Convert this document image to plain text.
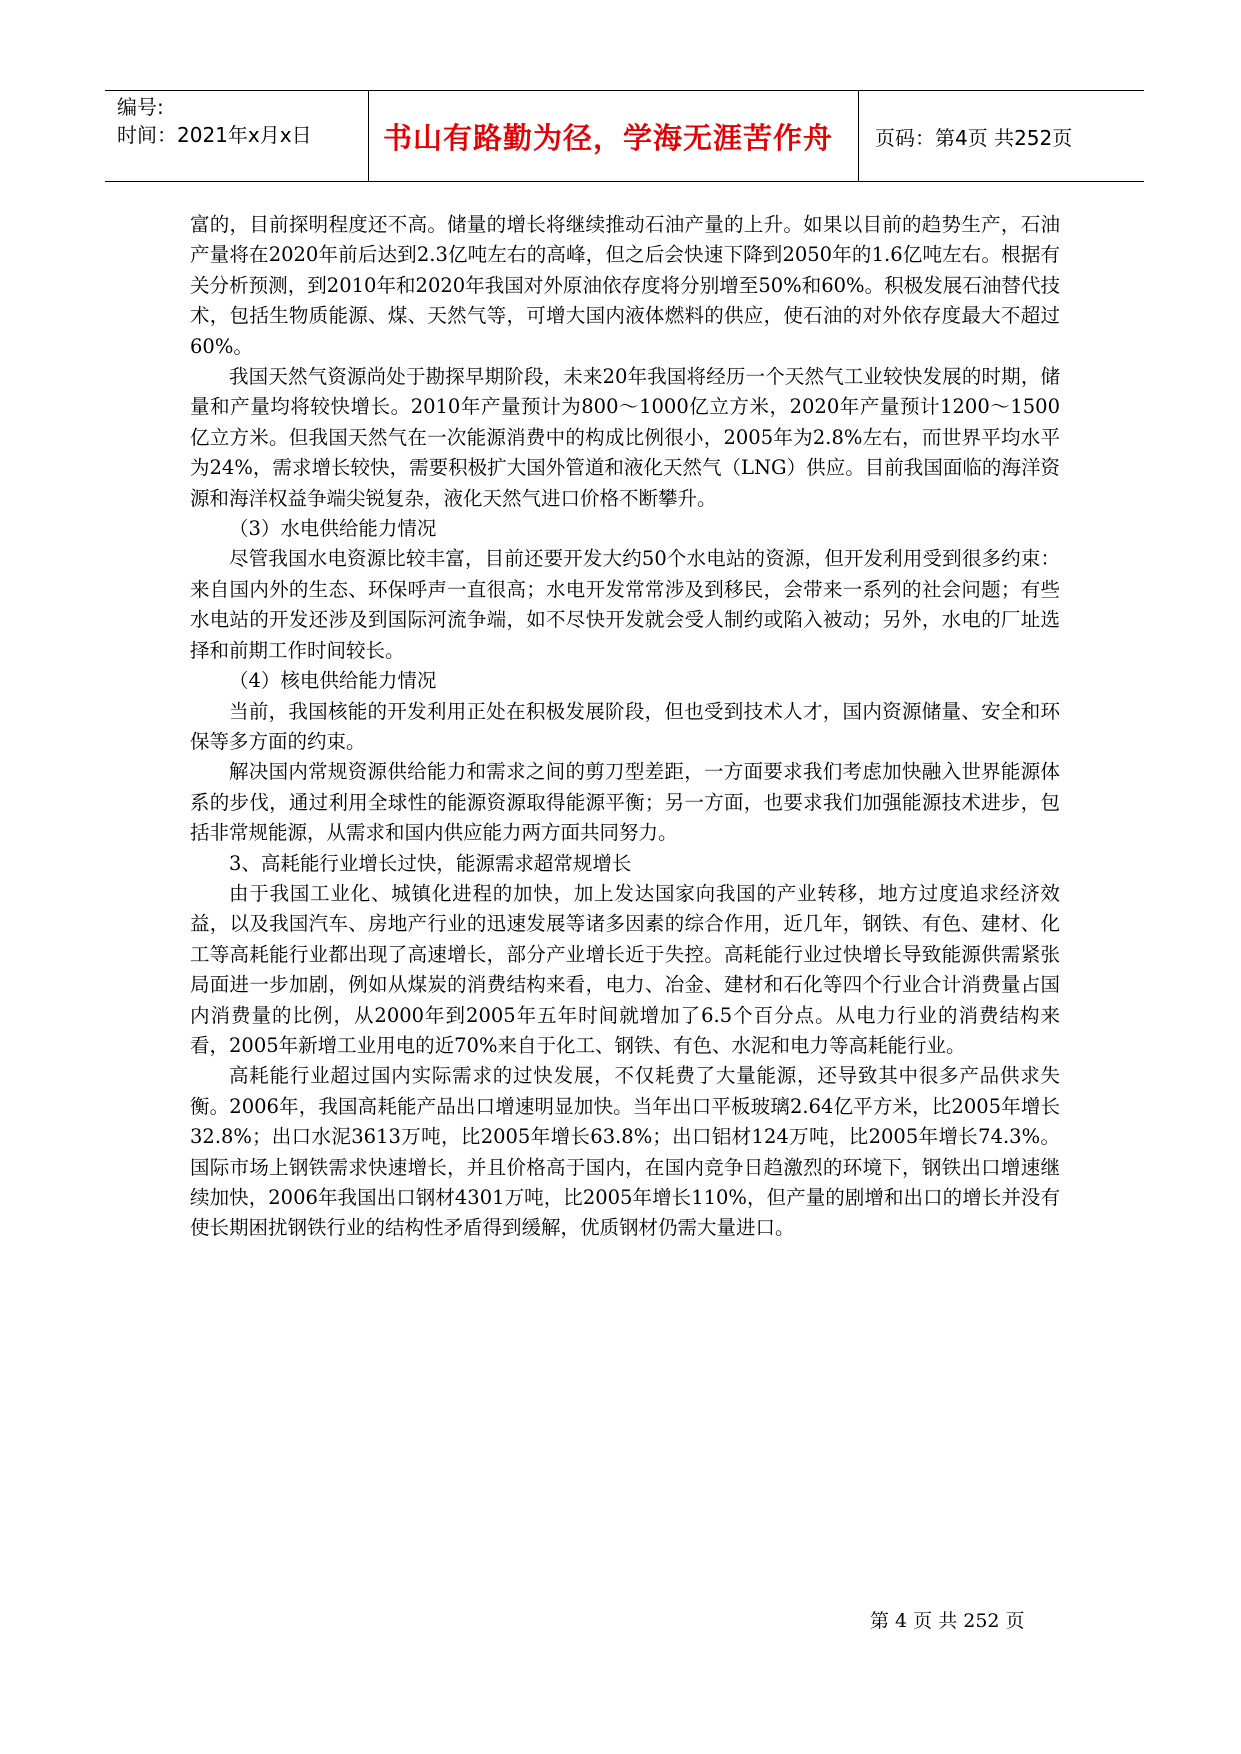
编号:
时间：2021年x月x日	书山有路勤为径，学海无涯苦作舟	页码：第4页 共252页

富的，目前探明程度还不高。储量的增长将继续推动石油产量的上升。如果以目前的趋势生产，石油产量将在2020年前后达到2.3亿吨左右的高峰，但之后会快速下降到2050年的1.6亿吨左右。根据有关分析预测，到2010年和2020年我国对外原油依存度将分别增至50%和60%。积极发展石油替代技术，包括生物质能源、煤、天然气等，可增大国内液体燃料的供应，使石油的对外依存度最大不超过60%。

我国天然气资源尚处于勘探早期阶段，未来20年我国将经历一个天然气工业较快发展的时期，储量和产量均将较快增长。2010年产量预计为800～1000亿立方米，2020年产量预计1200～1500亿立方米。但我国天然气在一次能源消费中的构成比例很小，2005年为2.8%左右，而世界平均水平为24%，需求增长较快，需要积极扩大国外管道和液化天然气（LNG）供应。目前我国面临的海洋资源和海洋权益争端尖锐复杂，液化天然气进口价格不断攀升。

（3）水电供给能力情况

尽管我国水电资源比较丰富，目前还要开发大约50个水电站的资源，但开发利用受到很多约束：来自国内外的生态、环保呼声一直很高；水电开发常常涉及到移民，会带来一系列的社会问题；有些水电站的开发还涉及到国际河流争端，如不尽快开发就会受人制约或陷入被动；另外，水电的厂址选择和前期工作时间较长。

（4）核电供给能力情况

当前，我国核能的开发利用正处在积极发展阶段，但也受到技术人才，国内资源储量、安全和环保等多方面的约束。

解决国内常规资源供给能力和需求之间的剪刀型差距，一方面要求我们考虑加快融入世界能源体系的步伐，通过利用全球性的能源资源取得能源平衡；另一方面，也要求我们加强能源技术进步，包括非常规能源，从需求和国内供应能力两方面共同努力。

3、高耗能行业增长过快，能源需求超常规增长

由于我国工业化、城镇化进程的加快，加上发达国家向我国的产业转移，地方过度追求经济效益，以及我国汽车、房地产行业的迅速发展等诸多因素的综合作用，近几年，钢铁、有色、建材、化工等高耗能行业都出现了高速增长，部分产业增长近于失控。高耗能行业过快增长导致能源供需紧张局面进一步加剧，例如从煤炭的消费结构来看，电力、冶金、建材和石化等四个行业合计消费量占国内消费量的比例，从2000年到2005年五年时间就增加了6.5个百分点。从电力行业的消费结构来看，2005年新增工业用电的近70%来自于化工、钢铁、有色、水泥和电力等高耗能行业。

高耗能行业超过国内实际需求的过快发展，不仅耗费了大量能源，还导致其中很多产品供求失衡。2006年，我国高耗能产品出口增速明显加快。当年出口平板玻璃2.64亿平方米，比2005年增长32.8%；出口水泥3613万吨，比2005年增长63.8%；出口铝材124万吨，比2005年增长74.3%。国际市场上钢铁需求快速增长，并且价格高于国内，在国内竞争日趋激烈的环境下，钢铁出口增速继续加快，2006年我国出口钢材4301万吨，比2005年增长110%，但产量的剧增和出口的增长并没有使长期困扰钢铁行业的结构性矛盾得到缓解，优质钢材仍需大量进口。

第 4 页 共 252 页
